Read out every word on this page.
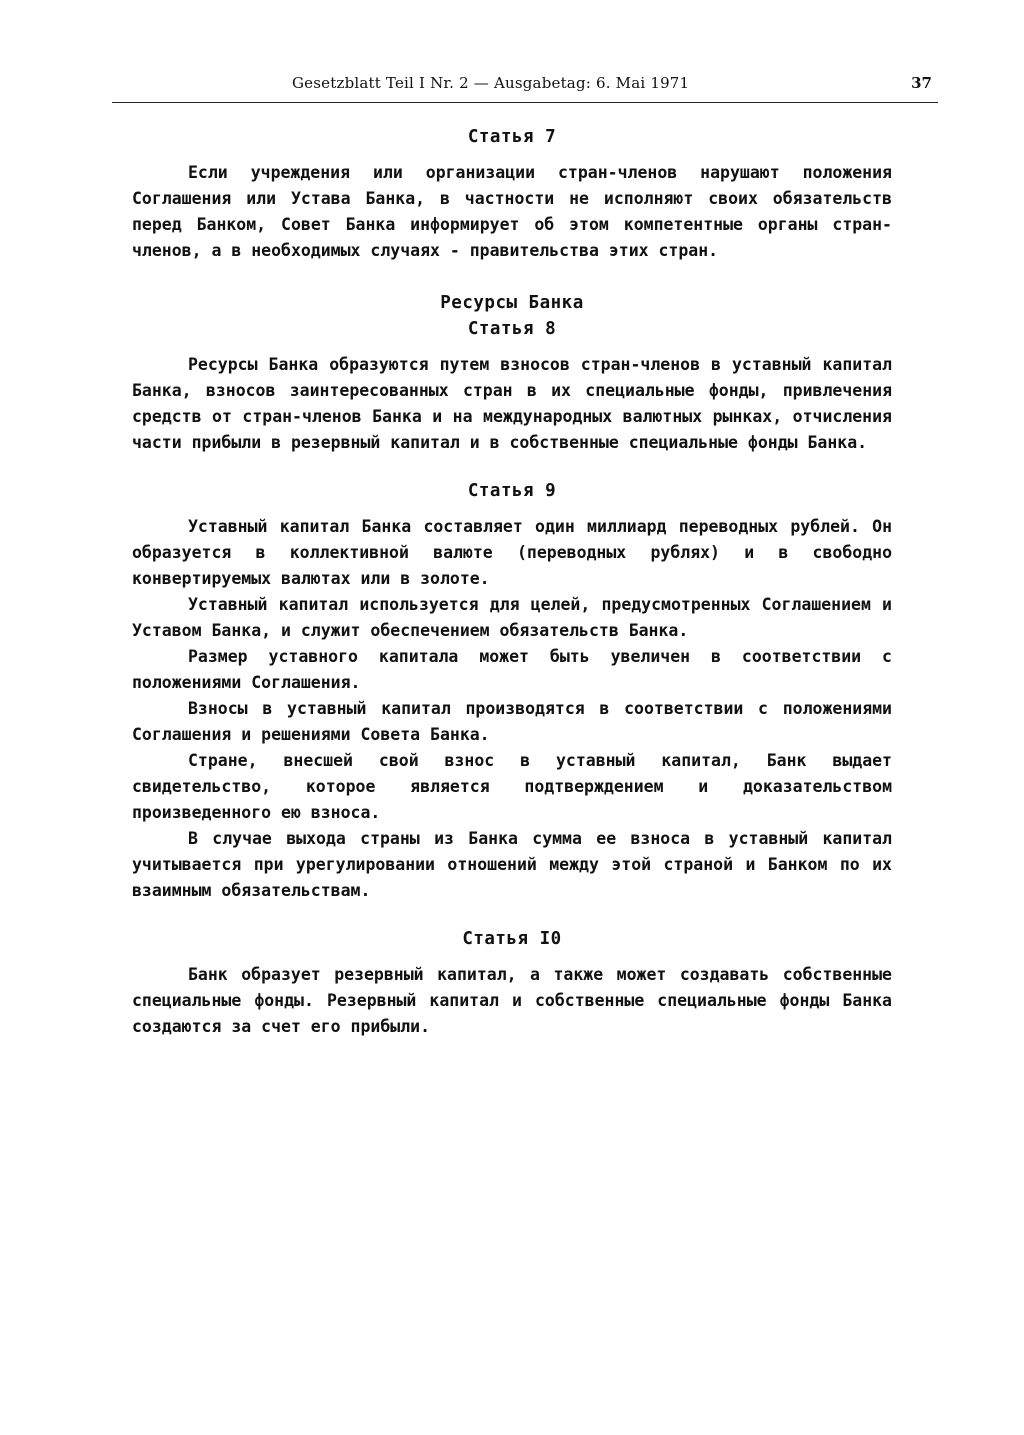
Gesetzblatt Teil I Nr. 2 — Ausgabetag: 6. Mai 1971	37

Статья 7

Если учреждения или организации стран-членов нарушают положения Соглашения или Устава Банка, в частности не исполняют своих обязательств перед Банком, Совет Банка информирует об этом компетентные органы стран-членов, а в необходимых случаях - правительства этих стран.

Ресурсы Банка

Статья 8

Ресурсы Банка образуются путем взносов стран-членов в уставный капитал Банка, взносов заинтересованных стран в их специальные фонды, привлечения средств от стран-членов Банка и на международных валютных рынках, отчисления части прибыли в резервный капитал и в собственные специальные фонды Банка.

Статья 9

Уставный капитал Банка составляет один миллиард переводных рублей. Он образуется в коллективной валюте (переводных рублях) и в свободно конвертируемых валютах или в золоте.

Уставный капитал используется для целей, предусмотренных Соглашением и Уставом Банка, и служит обеспечением обязательств Банка.

Размер уставного капитала может быть увеличен в соответствии с положениями Соглашения.

Взносы в уставный капитал производятся в соответствии с положениями Соглашения и решениями Совета Банка.

Стране, внесшей свой взнос в уставный капитал, Банк выдает свидетельство, которое является подтверждением и доказательством произведенного ею взноса.

В случае выхода страны из Банка сумма ее взноса в уставный капитал учитывается при урегулировании отношений между этой страной и Банком по их взаимным обязательствам.

Статья I0

Банк образует резервный капитал, а также может создавать собственные специальные фонды. Резервный капитал и собственные специальные фонды Банка создаются за счет его прибыли.
